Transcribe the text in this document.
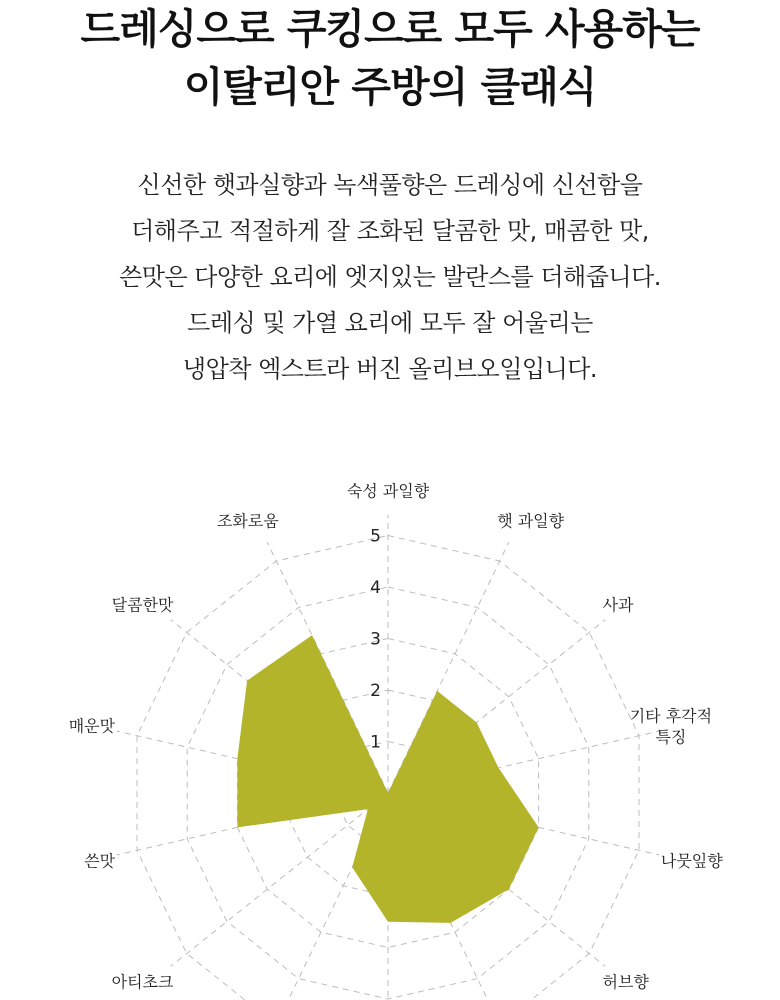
드레싱으로 쿠킹으로 모두 사용하는
이탈리안 주방의 클래식
신선한 햇과실향과 녹색풀향은 드레싱에 신선함을
더해주고 적절하게 잘 조화된 달콤한 맛, 매콤한 맛,
쓴맛은 다양한 요리에 엣지있는 발란스를 더해줍니다.
드레싱 및 가열 요리에 모두 잘 어울리는
냉압착 엑스트라 버진 올리브오일입니다.
1
2
3
4
5
숙성 과일향
햇 과일향
사과
기타 후각적 특징
나뭇잎향
허브향
아티초크
쓴맛
매운맛
달콤한맛
조화로움
